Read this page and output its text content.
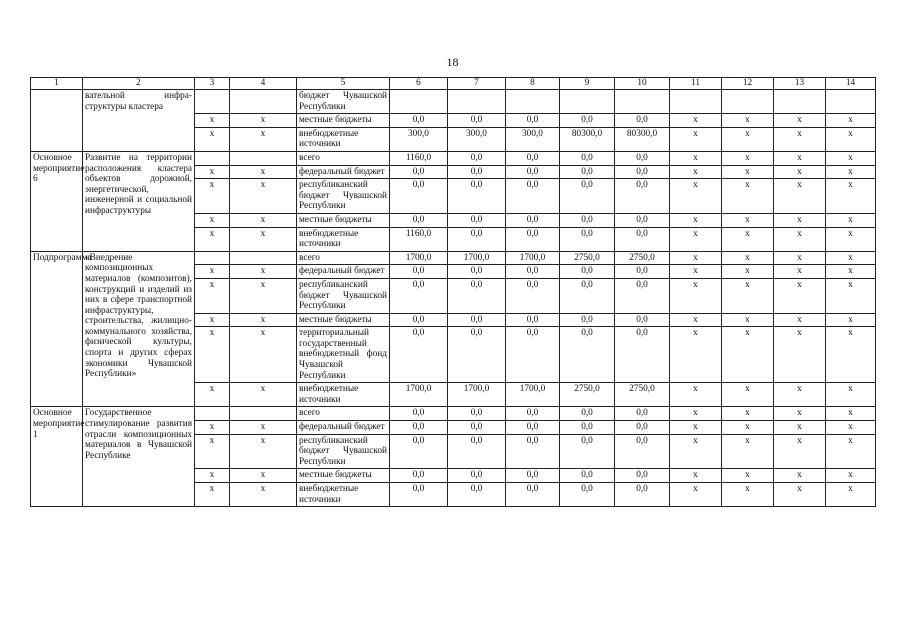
18
1	2	3	4	5	6	7	8	9	10	11	12	13	14
	вательной инфра-структуры кластера			бюджет Чувашской Республики									
		x	x	местные бюджеты	0,0	0,0	0,0	0,0	0,0	x	x	x	x
		x	x	внебюджетные источники	300,0	300,0	300,0	80300,0	80300,0	x	x	x	x
Основное мероприятие 6	Развитие на территории расположения кластера объектов дорожной, энергетической, инженерной и социальной инфраструктуры			всего	1160,0	0,0	0,0	0,0	0,0	x	x	x	x
		x	x	федеральный бюджет	0,0	0,0	0,0	0,0	0,0	x	x	x	x
		x	x	республиканский бюджет Чувашской Республики	0,0	0,0	0,0	0,0	0,0	x	x	x	x
		x	x	местные бюджеты	0,0	0,0	0,0	0,0	0,0	x	x	x	x
		x	x	внебюджетные источники	1160,0	0,0	0,0	0,0	0,0	x	x	x	x
Подпрограмма	«Внедрение композиционных материалов (композитов), конструкций и изделий из них в сфере транспортной инфраструктуры, строительства, жилищно-коммунального хозяйства, физической культуры, спорта и других сферах экономики Чувашской Республики»			всего	1700,0	1700,0	1700,0	2750,0	2750,0	x	x	x	x
		x	x	федеральный бюджет	0,0	0,0	0,0	0,0	0,0	x	x	x	x
		x	x	республиканский бюджет Чувашской Республики	0,0	0,0	0,0	0,0	0,0	x	x	x	x
		x	x	местные бюджеты	0,0	0,0	0,0	0,0	0,0	x	x	x	x
		x	x	территориальный государственный внебюджетный фонд Чувашской Республики	0,0	0,0	0,0	0,0	0,0	x	x	x	x
		x	x	внебюджетные источники	1700,0	1700,0	1700,0	2750,0	2750,0	x	x	x	x
Основное мероприятие 1	Государственное стимулирование развития отрасли композиционных материалов в Чувашской Республике			всего	0,0	0,0	0,0	0,0	0,0	x	x	x	x
		x	x	федеральный бюджет	0,0	0,0	0,0	0,0	0,0	x	x	x	x
		x	x	республиканский бюджет Чувашской Республики	0,0	0,0	0,0	0,0	0,0	x	x	x	x
		x	x	местные бюджеты	0,0	0,0	0,0	0,0	0,0	x	x	x	x
		x	x	внебюджетные источники	0,0	0,0	0,0	0,0	0,0	x	x	x	x
